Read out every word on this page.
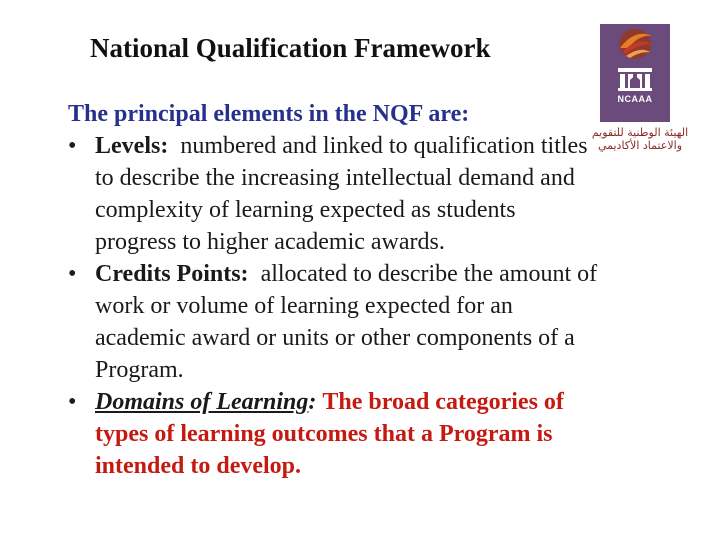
National Qualification Framework
NCAAA
الهيئة الوطنية للتقويم
والاعتماد الأكاديمي

The principal elements in the NQF are:

• Levels: numbered and linked to qualification titles
to describe the increasing intellectual demand and
complexity of learning expected as students
progress to higher academic awards.
• Credits Points: allocated to describe the amount of
work or volume of learning expected for an
academic award or units or other components of a
Program.
• Domains of Learning: The broad categories of
types of learning outcomes that a Program is
intended to develop.
